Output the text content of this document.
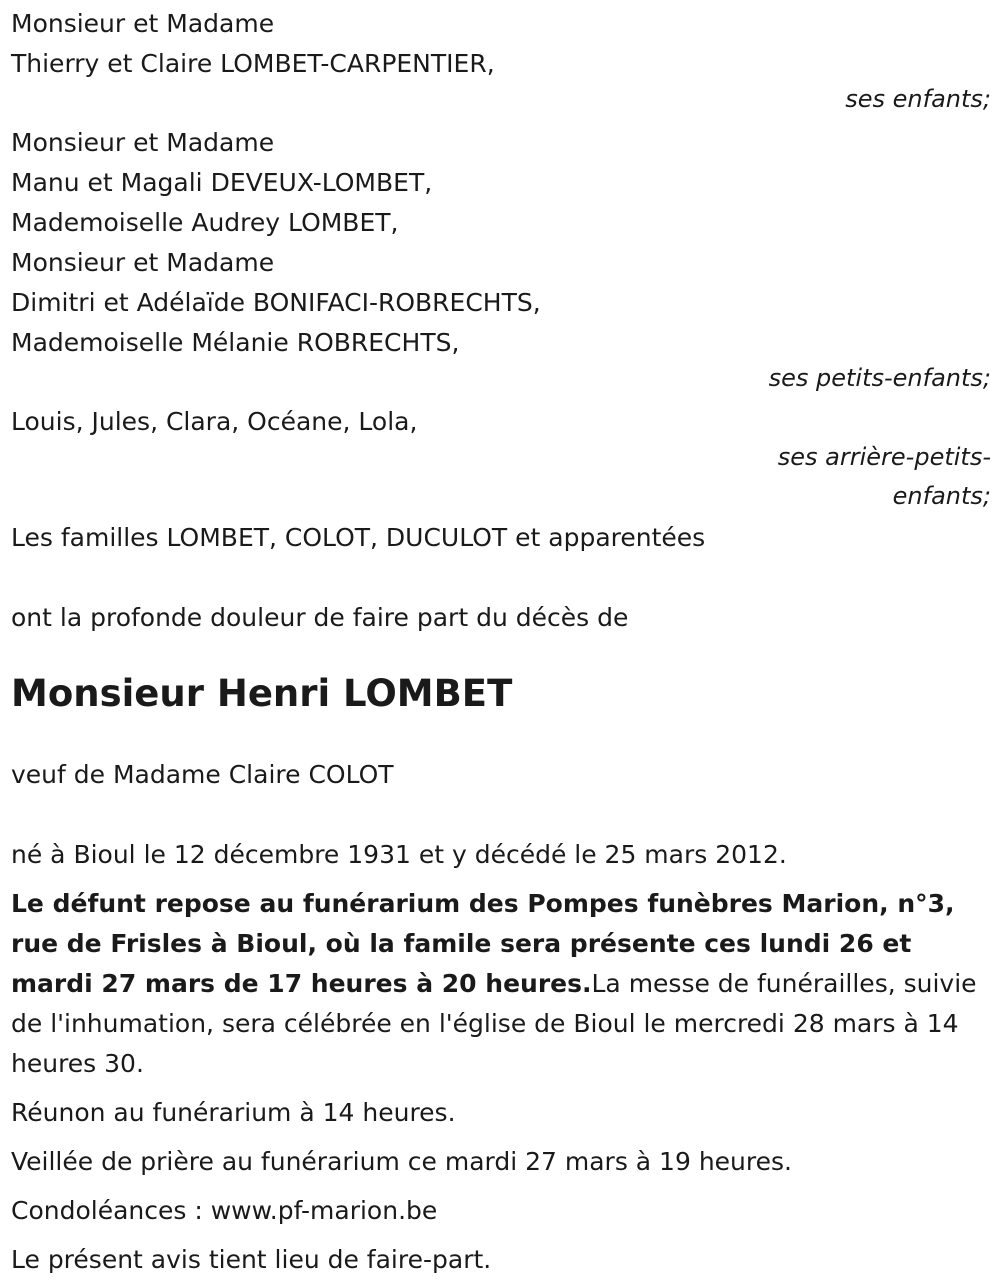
Monsieur et Madame
Thierry et Claire LOMBET-CARPENTIER,
ses enfants;
Monsieur et Madame
Manu et Magali DEVEUX-LOMBET,
Mademoiselle Audrey LOMBET,
Monsieur et Madame
Dimitri et Adélaïde BONIFACI-ROBRECHTS,
Mademoiselle Mélanie ROBRECHTS,
ses petits-enfants;
Louis, Jules, Clara, Océane, Lola,
ses arrière-petits-enfants;
Les familles LOMBET, COLOT, DUCULOT et apparentées
ont la profonde douleur de faire part du décès de
Monsieur Henri LOMBET
veuf de Madame Claire COLOT
né à Bioul le 12 décembre 1931 et y décédé le 25 mars 2012.
Le défunt repose au funérarium des Pompes funèbres Marion, n°3, rue de Frisles à Bioul, où la famile sera présente ces lundi 26 et mardi 27 mars de 17 heures à 20 heures.La messe de funérailles, suivie de l'inhumation, sera célébrée en l'église de Bioul le mercredi 28 mars à 14 heures 30.
Réunon au funérarium à 14 heures.
Veillée de prière au funérarium ce mardi 27 mars à 19 heures.
Condoléances : www.pf-marion.be
Le présent avis tient lieu de faire-part.
